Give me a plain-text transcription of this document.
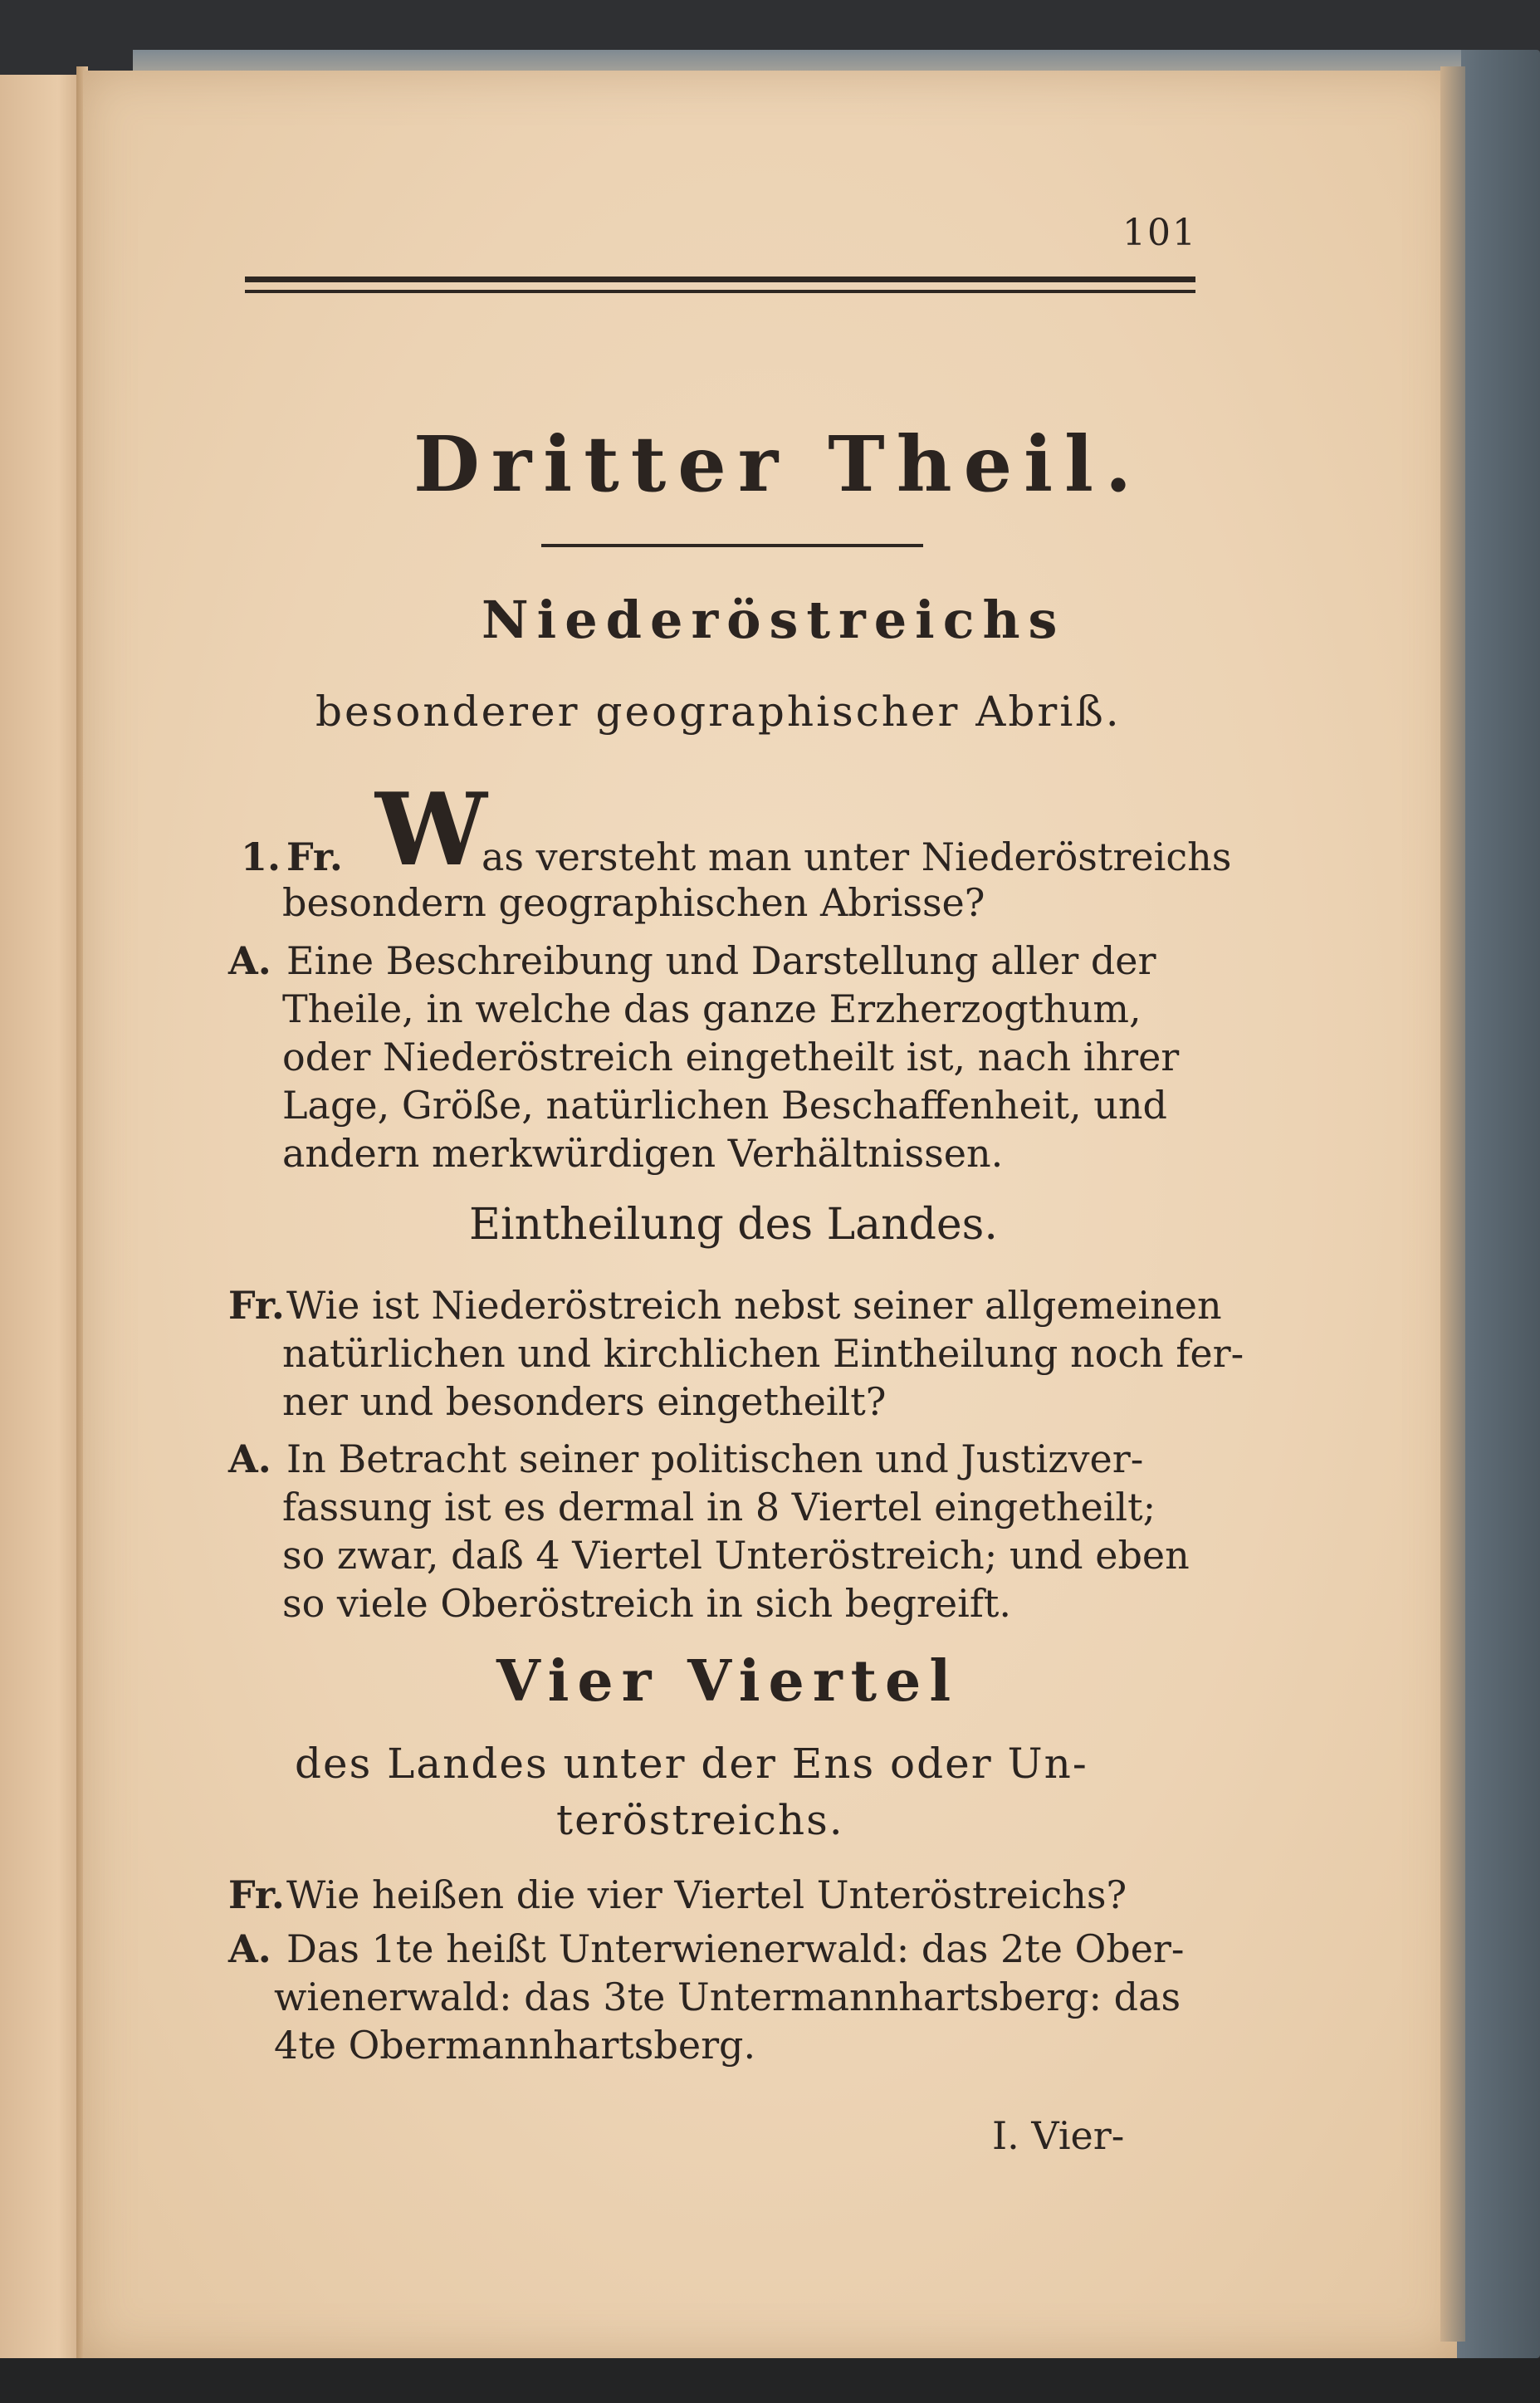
101
Dritter Theil.
Niederöstreichs
besonderer geographischer Abriß.
1. Fr. W
as versteht man unter Niederöstreichs
besondern geographischen Abrisse?
A. Eine Beschreibung und Darstellung aller der
Theile, in welche das ganze Erzherzogthum,
oder Niederöstreich eingetheilt ist, nach ihrer
Lage, Größe, natürlichen Beschaffenheit, und
andern merkwürdigen Verhältnissen.
Eintheilung des Landes.
Fr. Wie ist Niederöstreich nebst seiner allgemeinen
natürlichen und kirchlichen Eintheilung noch fer-
ner und besonders eingetheilt?
A. In Betracht seiner politischen und Justizver-
fassung ist es dermal in 8 Viertel eingetheilt;
so zwar, daß 4 Viertel Unteröstreich; und eben
so viele Oberöstreich in sich begreift.
Vier Viertel
des Landes unter der Ens oder Un-
teröstreichs.
Fr. Wie heißen die vier Viertel Unteröstreichs?
A. Das 1te heißt Unterwienerwald: das 2te Ober-
wienerwald: das 3te Untermannhartsberg: das
4te Obermannhartsberg.
I. Vier-
